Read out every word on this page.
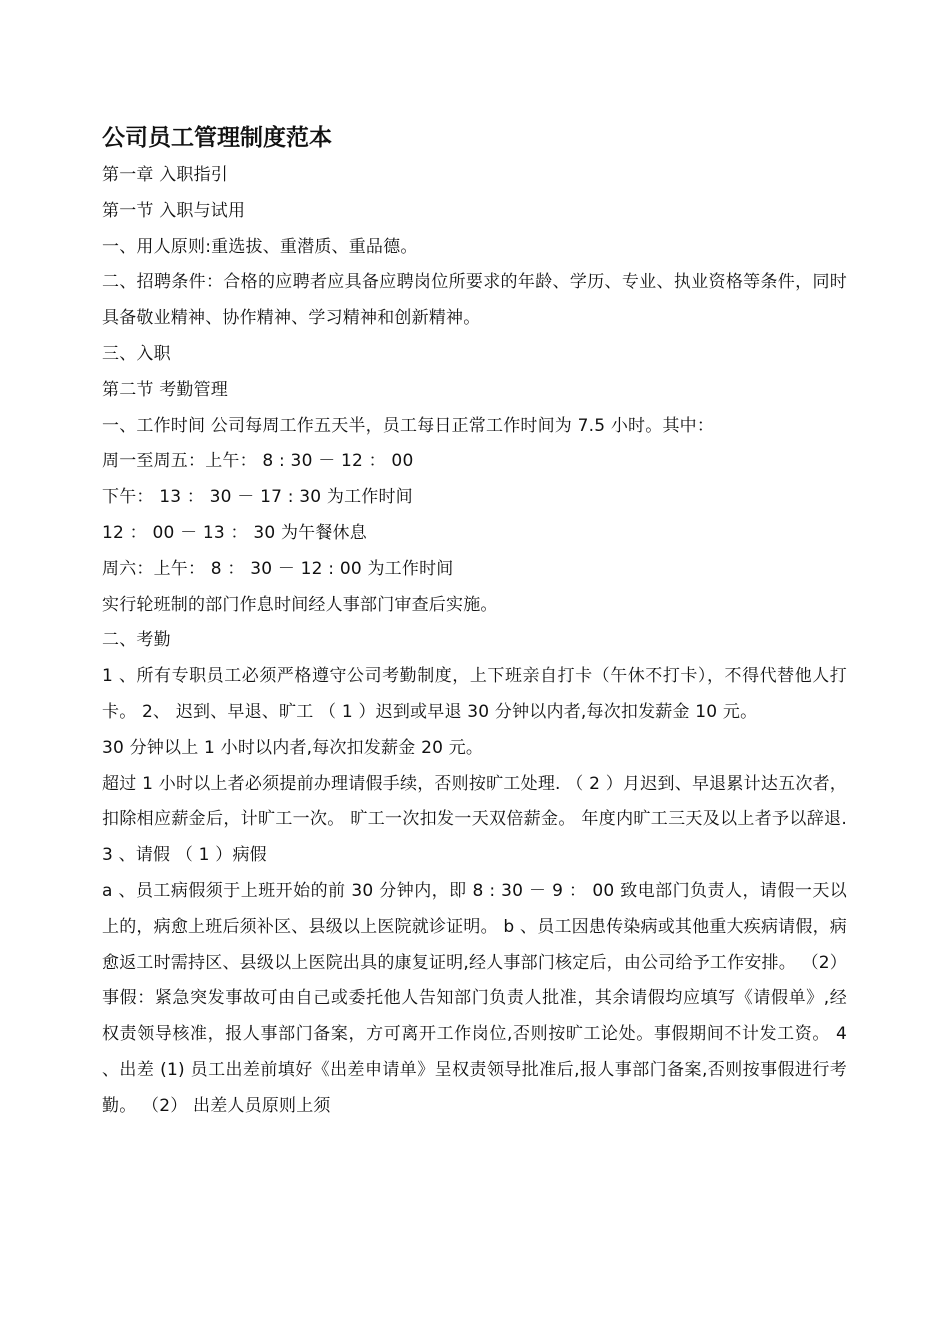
公司员工管理制度范本

第一章 入职指引

第一节 入职与试用

一、用人原则:重选拔、重潜质、重品德。

二、招聘条件：合格的应聘者应具备应聘岗位所要求的年龄、学历、专业、执业资格等条件，同时具备敬业精神、协作精神、学习精神和创新精神。

三、入职

第二节 考勤管理

一、工作时间 公司每周工作五天半，员工每日正常工作时间为 7.5 小时。其中：

周一至周五：上午： 8 : 30 － 12 ： 00

下午： 13 ： 30 － 17 : 30 为工作时间

12 ： 00 － 13 ： 30 为午餐休息

周六：上午： 8 ： 30 － 12 : 00 为工作时间

实行轮班制的部门作息时间经人事部门审查后实施。

二、考勤

1 、所有专职员工必须严格遵守公司考勤制度，上下班亲自打卡（午休不打卡），不得代替他人打卡。 2、 迟到、早退、旷工 （ 1 ）迟到或早退 30 分钟以内者,每次扣发薪金 10 元。

30 分钟以上 1 小时以内者,每次扣发薪金 20 元。

超过 1 小时以上者必须提前办理请假手续，否则按旷工处理. （ 2 ）月迟到、早退累计达五次者，扣除相应薪金后，计旷工一次。 旷工一次扣发一天双倍薪金。 年度内旷工三天及以上者予以辞退. 3 、请假 （ 1 ）病假

a 、员工病假须于上班开始的前 30 分钟内，即 8 : 30 － 9 ： 00 致电部门负责人，请假一天以上的，病愈上班后须补区、县级以上医院就诊证明。 b 、员工因患传染病或其他重大疾病请假，病愈返工时需持区、县级以上医院出具的康复证明,经人事部门核定后，由公司给予工作安排。 （2） 事假：紧急突发事故可由自己或委托他人告知部门负责人批准，其余请假均应填写《请假单》,经权责领导核准，报人事部门备案，方可离开工作岗位,否则按旷工论处。事假期间不计发工资。 4 、出差 (1) 员工出差前填好《出差申请单》呈权责领导批准后,报人事部门备案,否则按事假进行考勤。 （2） 出差人员原则上须
